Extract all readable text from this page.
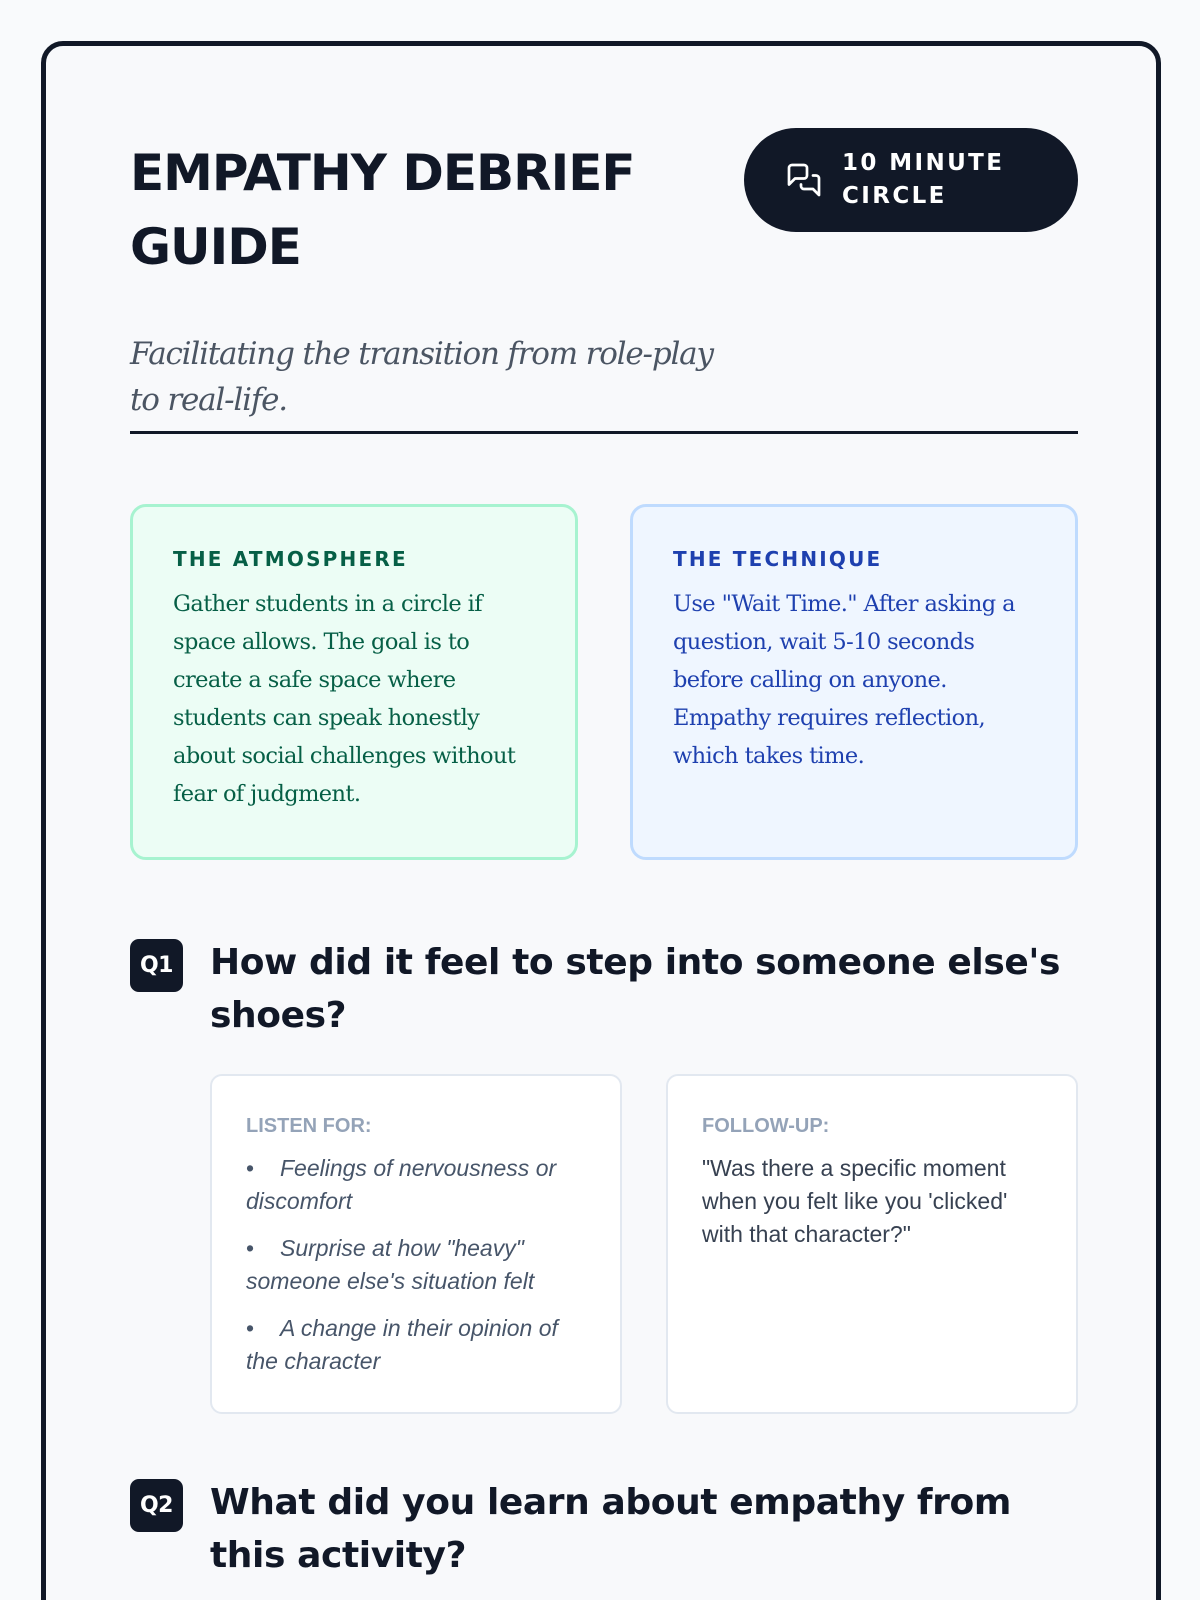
EMPATHY DEBRIEF GUIDE

Facilitating the transition from role-play to real-life.

10 MINUTE CIRCLE
THE ATMOSPHERE
Gather students in a circle if space allows. The goal is to create a safe space where students can speak honestly about social challenges without fear of judgment.
THE TECHNIQUE
Use "Wait Time." After asking a question, wait 5-10 seconds before calling on anyone. Empathy requires reflection, which takes time.
Q1 How did it feel to step into someone else's shoes?
LISTEN FOR:
• Feelings of nervousness or discomfort
• Surprise at how "heavy" someone else's situation felt
• A change in their opinion of the character
FOLLOW-UP:
"Was there a specific moment when you felt like you 'clicked' with that character?"
Q2 What did you learn about empathy from this activity?
